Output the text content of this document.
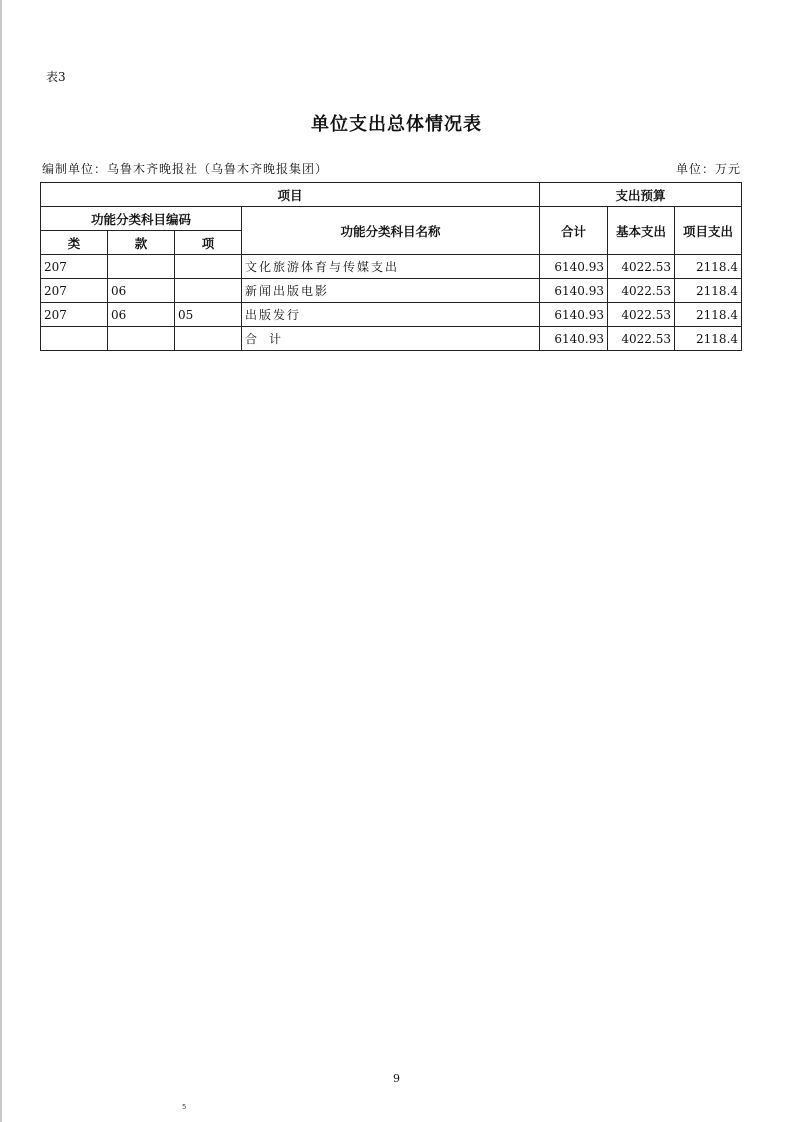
表3
单位支出总体情况表
编制单位：乌鲁木齐晚报社（乌鲁木齐晚报集团）	单位：万元
项目				支出预算		
功能分类科目编码			功能分类科目名称	合计	基本支出	项目支出
类	款	项				
207			文化旅游体育与传媒支出	6140.93	4022.53	2118.4
207	06		新闻出版电影	6140.93	4022.53	2118.4
207	06	05	出版发行	6140.93	4022.53	2118.4
			合计	6140.93	4022.53	2118.4
9
5
